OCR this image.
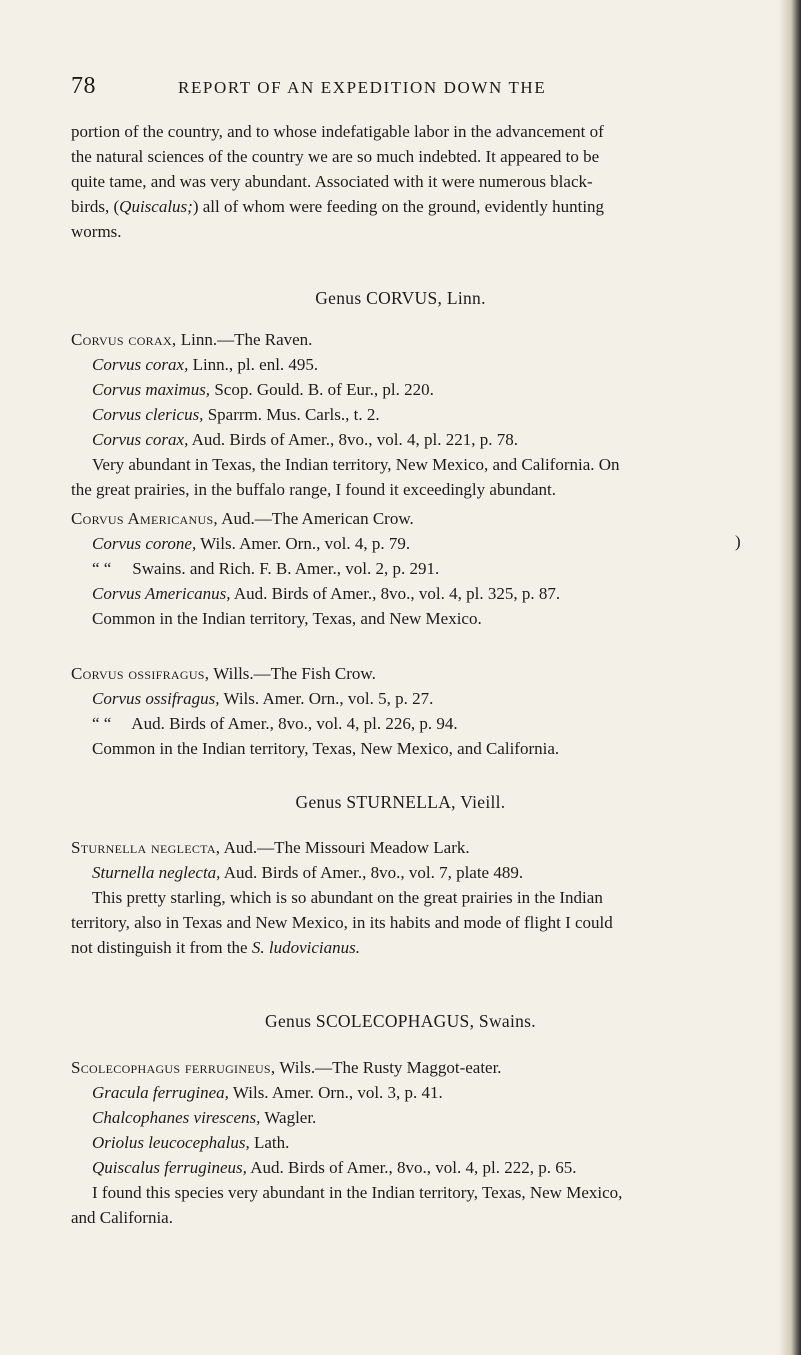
78	REPORT OF AN EXPEDITION DOWN THE

portion of the country, and to whose indefatigable labor in the advancement of

the natural sciences of the country we are so much indebted. It appeared to be

quite tame, and was very abundant. Associated with it were numerous black-

birds, (Quiscalus;) all of whom were feeding on the ground, evidently hunting

worms.

Genus CORVUS, Linn.

Corvus corax, Linn.—The Raven.

Corvus corax, Linn., pl. enl. 495.

Corvus maximus, Scop. Gould. B. of Eur., pl. 220.

Corvus clericus, Sparrm. Mus. Carls., t. 2.

Corvus corax, Aud. Birds of Amer., 8vo., vol. 4, pl. 221, p. 78.

Very abundant in Texas, the Indian territory, New Mexico, and California. On

the great prairies, in the buffalo range, I found it exceedingly abundant.

Corvus Americanus, Aud.—The American Crow.

Corvus corone, Wils. Amer. Orn., vol. 4, p. 79.

“ “ Swains. and Rich. F. B. Amer., vol. 2, p. 291.

Corvus Americanus, Aud. Birds of Amer., 8vo., vol. 4, pl. 325, p. 87.

Common in the Indian territory, Texas, and New Mexico.

)

Corvus ossifragus, Wills.—The Fish Crow.

Corvus ossifragus, Wils. Amer. Orn., vol. 5, p. 27.

“ “ Aud. Birds of Amer., 8vo., vol. 4, pl. 226, p. 94.

Common in the Indian territory, Texas, New Mexico, and California.

Genus STURNELLA, Vieill.

Sturnella neglecta, Aud.—The Missouri Meadow Lark.

Sturnella neglecta, Aud. Birds of Amer., 8vo., vol. 7, plate 489.

This pretty starling, which is so abundant on the great prairies in the Indian

territory, also in Texas and New Mexico, in its habits and mode of flight I could

not distinguish it from the S. ludovicianus.

Genus SCOLECOPHAGUS, Swains.

Scolecophagus ferrugineus, Wils.—The Rusty Maggot-eater.

Gracula ferruginea, Wils. Amer. Orn., vol. 3, p. 41.

Chalcophanes virescens, Wagler.

Oriolus leucocephalus, Lath.

Quiscalus ferrugineus, Aud. Birds of Amer., 8vo., vol. 4, pl. 222, p. 65.

I found this species very abundant in the Indian territory, Texas, New Mexico,

and California.
